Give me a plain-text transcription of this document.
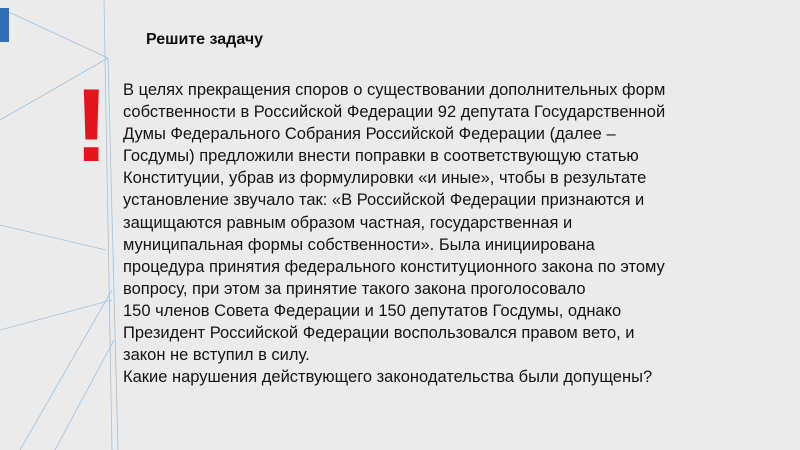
Решите задачу
! В целях прекращения споров о существовании дополнительных форм
собственности в Российской Федерации 92 депутата Государственной
Думы Федерального Собрания Российской Федерации (далее –
Госдумы) предложили внести поправки в соответствующую статью
Конституции, убрав из формулировки «и иные», чтобы в результате
установление звучало так: «В Российской Федерации признаются и
защищаются равным образом частная, государственная и
муниципальная формы собственности». Была инициирована
процедура принятия федерального конституционного закона по этому
вопросу, при этом за принятие такого закона проголосовало
150 членов Совета Федерации и 150 депутатов Госдумы, однако
Президент Российской Федерации воспользовался правом вето, и
закон не вступил в силу.
Какие нарушения действующего законодательства были допущены?
